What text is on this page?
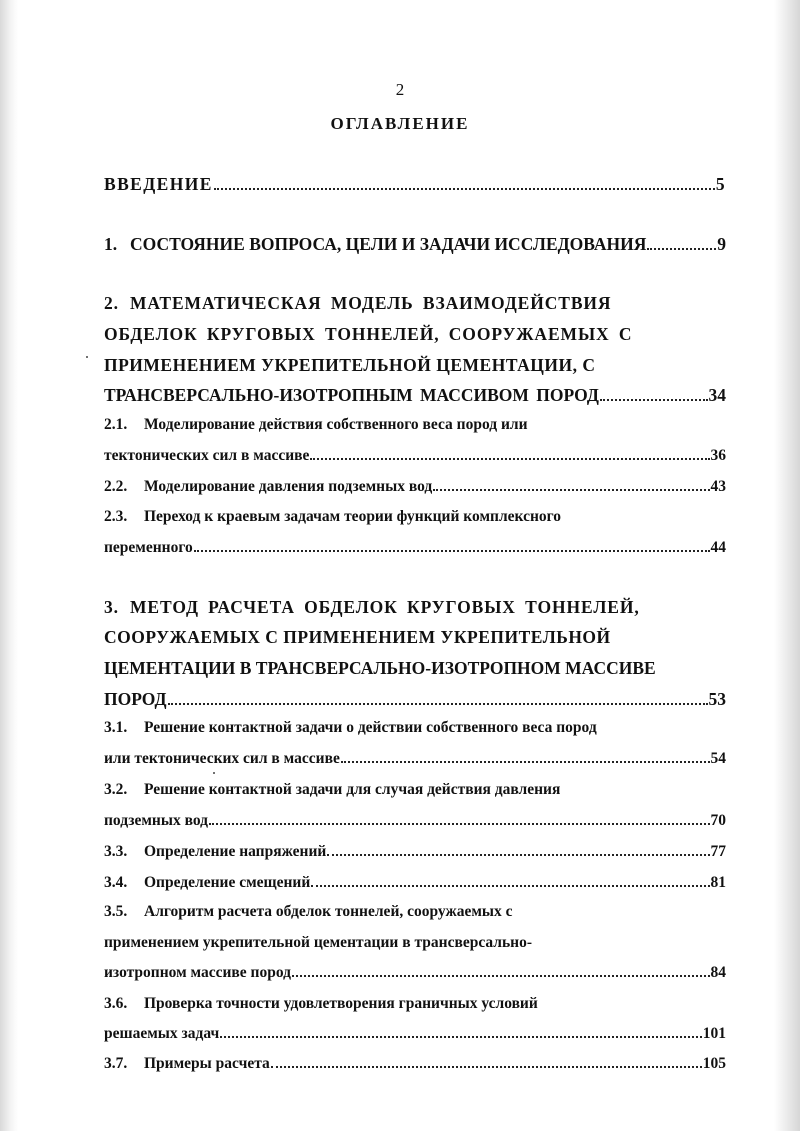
2
ОГЛАВЛЕНИЕ
ВВЕДЕНИЕ	5
1. СОСТОЯНИЕ ВОПРОСА, ЦЕЛИ И ЗАДАЧИ ИССЛЕДОВАНИЯ	9
2. МАТЕМАТИЧЕСКАЯ МОДЕЛЬ ВЗАИМОДЕЙСТВИЯ
ОБДЕЛОК КРУГОВЫХ ТОННЕЛЕЙ, СООРУЖАЕМЫХ С
ПРИМЕНЕНИЕМ УКРЕПИТЕЛЬНОЙ ЦЕМЕНТАЦИИ, С
ТРАНСВЕРСАЛЬНО-ИЗОТРОПНЫМ МАССИВОМ ПОРОД	34
2.1.	Моделирование действия собственного веса пород или
тектонических сил в массиве	36
2.2.	Моделирование давления подземных вод	43
2.3.	Переход к краевым задачам теории функций комплексного
переменного	44
3. МЕТОД РАСЧЕТА ОБДЕЛОК КРУГОВЫХ ТОННЕЛЕЙ,
СООРУЖАЕМЫХ С ПРИМЕНЕНИЕМ УКРЕПИТЕЛЬНОЙ
ЦЕМЕНТАЦИИ В ТРАНСВЕРСАЛЬНО-ИЗОТРОПНОМ МАССИВЕ
ПОРОД	53
3.1.	Решение контактной задачи о действии собственного веса пород
или тектонических сил в массиве	54
3.2.	Решение контактной задачи для случая действия давления
подземных вод	70
3.3.	Определение напряжений	77
3.4.	Определение смещений	81
3.5.	Алгоритм расчета обделок тоннелей, сооружаемых с
применением укрепительной цементации в трансверсально-
изотропном массиве пород	84
3.6.	Проверка точности удовлетворения граничных условий
решаемых задач	101
3.7.	Примеры расчета	105
